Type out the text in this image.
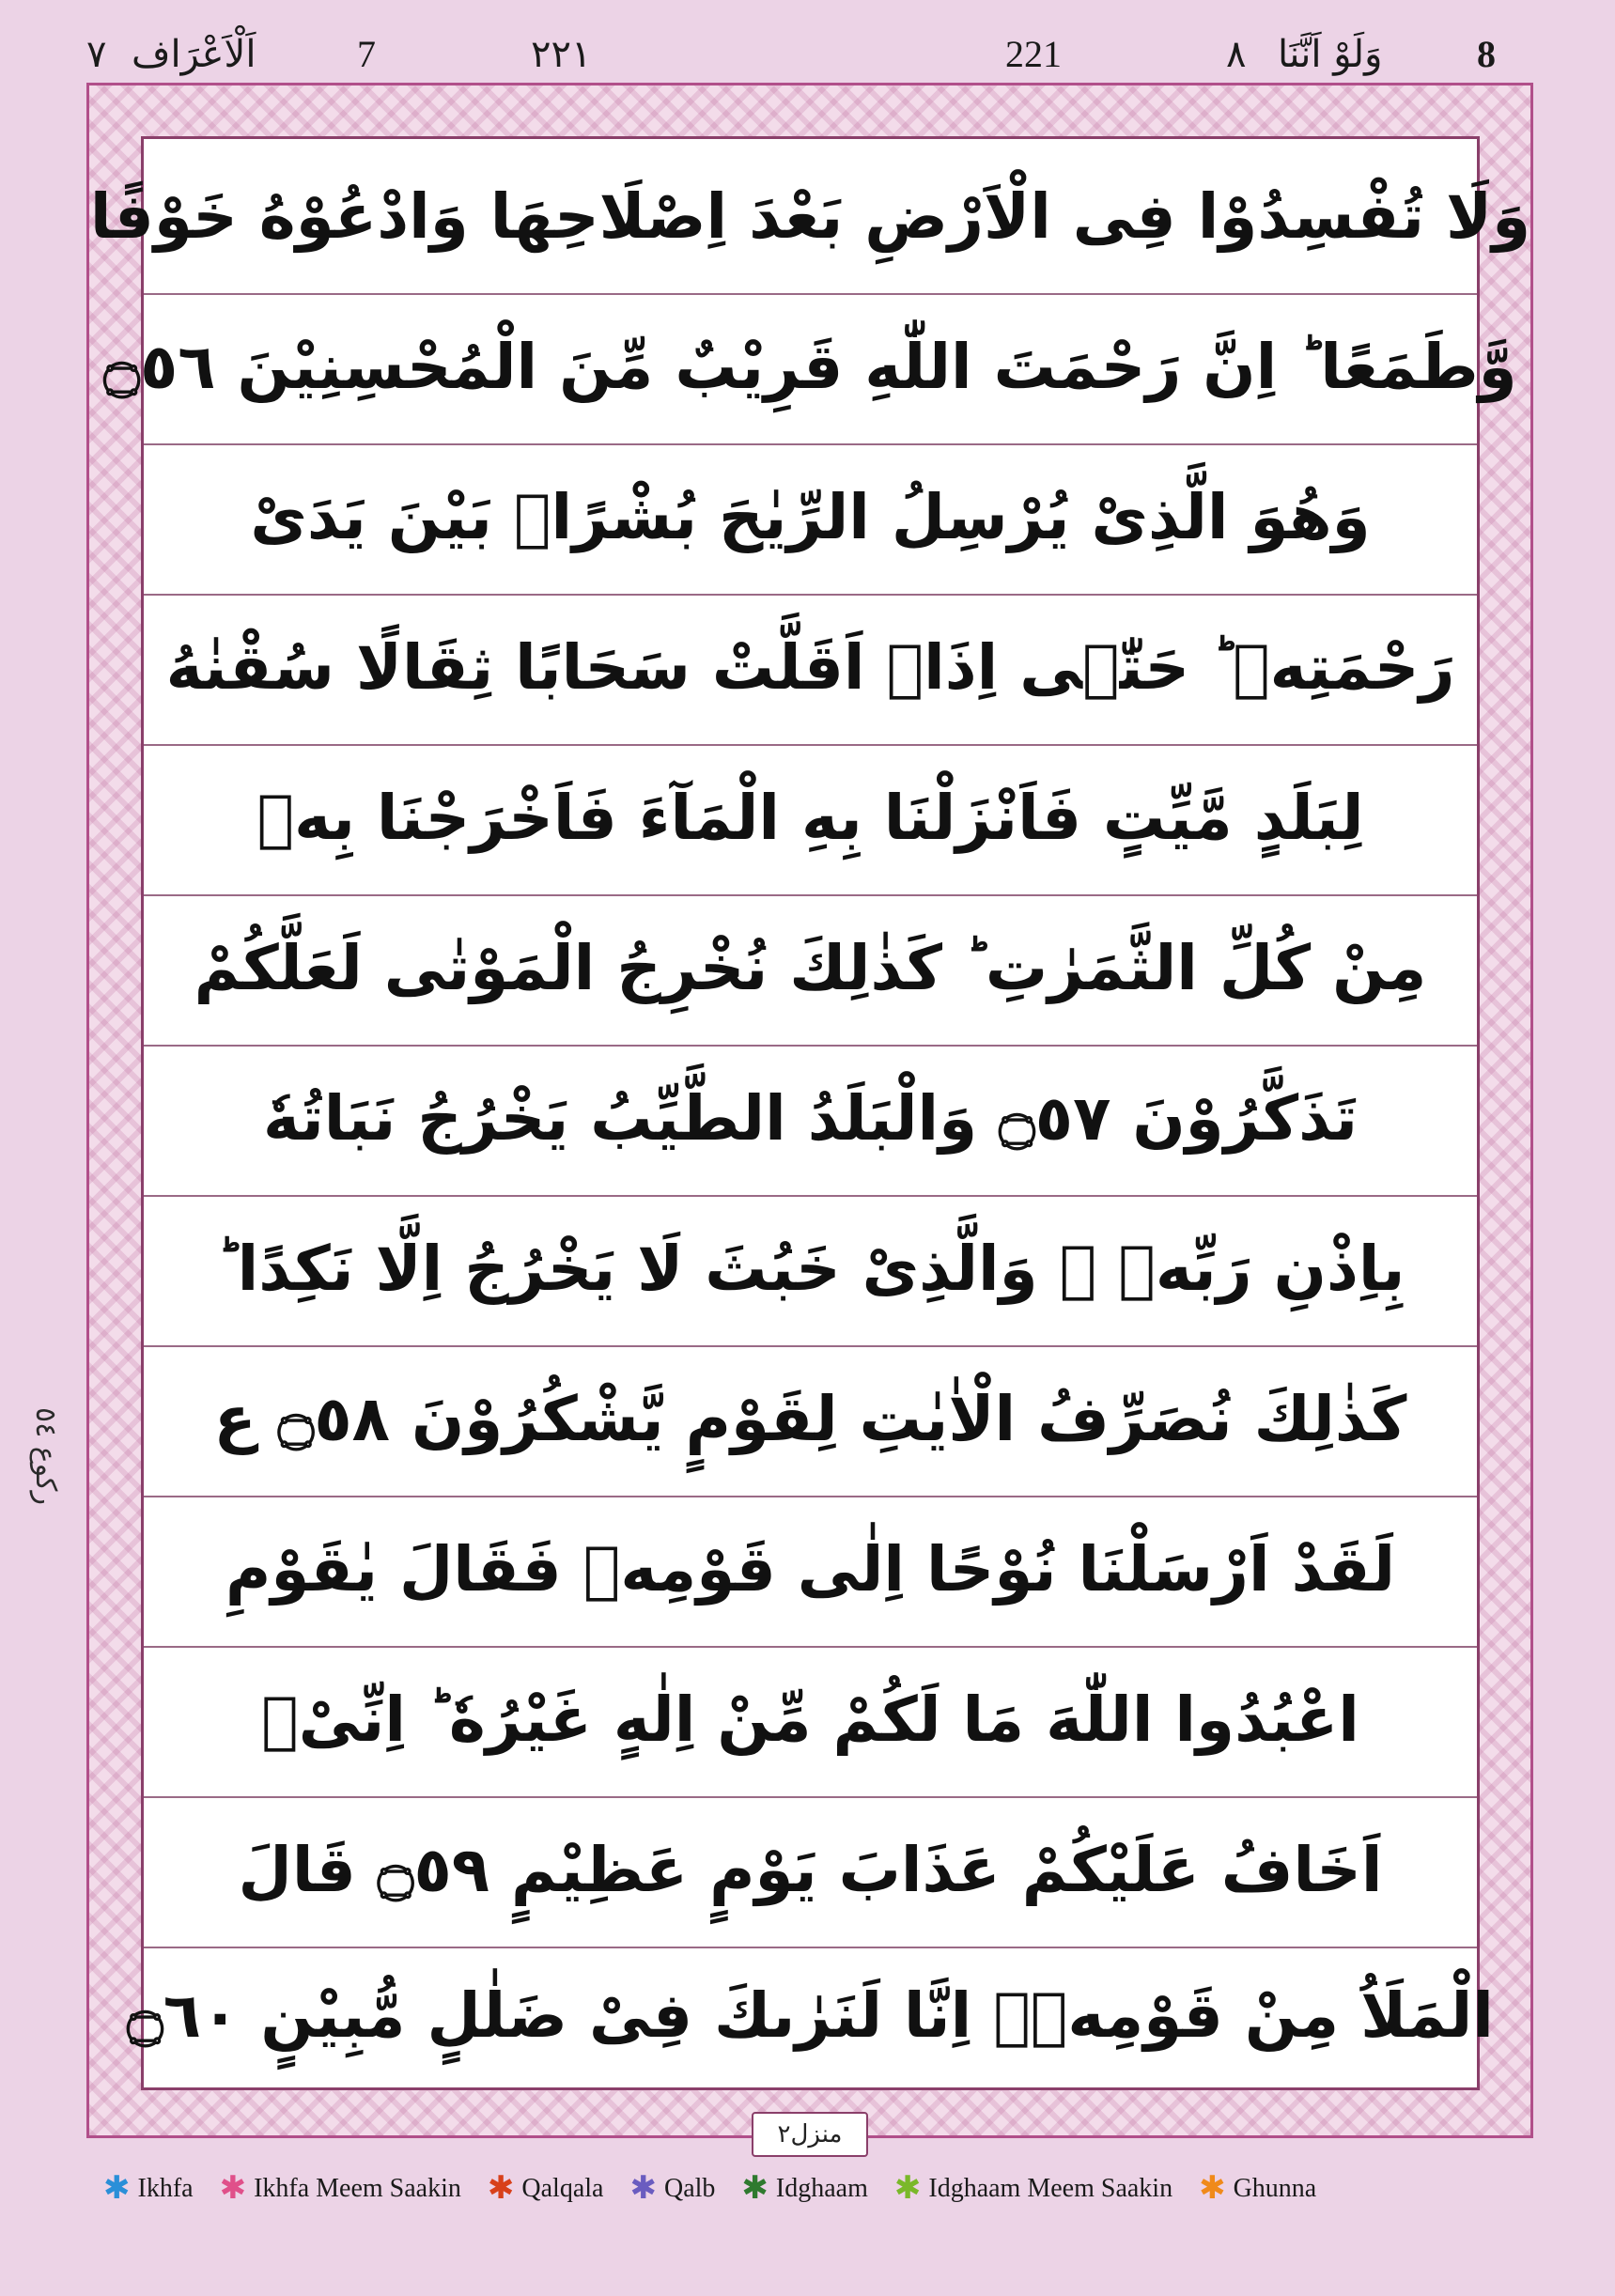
8
وَلَوْ اَنَّنَا
٨
221
٢٢١
7
اَلْاَعْرَاف
٧
رکوع ٥٤
وَلَا تُفْسِدُوْا فِی الْاَرْضِ بَعْدَ اِصْلَاحِهَا وَادْعُوْهُ خَوْفًا
وَّطَمَعًا ؕ اِنَّ رَحْمَتَ اللّٰهِ قَرِیْبٌ مِّنَ الْمُحْسِنِیْنَ ۝٥٦
وَهُوَ الَّذِیْ یُرْسِلُ الرِّیٰحَ بُشْرًاۢ بَیْنَ یَدَیْ
رَحْمَتِهٖ ؕ حَتّٰۤی اِذَاۤ اَقَلَّتْ سَحَابًا ثِقَالًا سُقْنٰهُ
لِبَلَدٍ مَّیِّتٍ فَاَنْزَلْنَا بِهِ الْمَآءَ فَاَخْرَجْنَا بِهٖ
مِنْ كُلِّ الثَّمَرٰتِ ؕ كَذٰلِكَ نُخْرِجُ الْمَوْتٰی لَعَلَّكُمْ
تَذَكَّرُوْنَ ۝٥٧ وَالْبَلَدُ الطَّیِّبُ یَخْرُجُ نَبَاتُهٗ
بِاِذْنِ رَبِّهٖ ۚ وَالَّذِیْ خَبُثَ لَا یَخْرُجُ اِلَّا نَكِدًا ؕ
كَذٰلِكَ نُصَرِّفُ الْاٰیٰتِ لِقَوْمٍ یَّشْكُرُوْنَ ۝٥٨ ع
لَقَدْ اَرْسَلْنَا نُوْحًا اِلٰی قَوْمِهٖ فَقَالَ یٰقَوْمِ
اعْبُدُوا اللّٰهَ مَا لَكُمْ مِّنْ اِلٰهٍ غَیْرُهٗ ؕ اِنِّیْۤ
اَخَافُ عَلَیْكُمْ عَذَابَ یَوْمٍ عَظِیْمٍ ۝٥٩ قَالَ
الْمَلَاُ مِنْ قَوْمِهٖۤ اِنَّا لَنَرٰىكَ فِیْ ضَلٰلٍ مُّبِیْنٍ ۝٦٠
منزل٢
✱ Ikhfa ✱ Ikhfa Meem Saakin ✱ Qalqala ✱ Qalb ✱ Idghaam ✱ Idghaam Meem Saakin ✱ Ghunna
